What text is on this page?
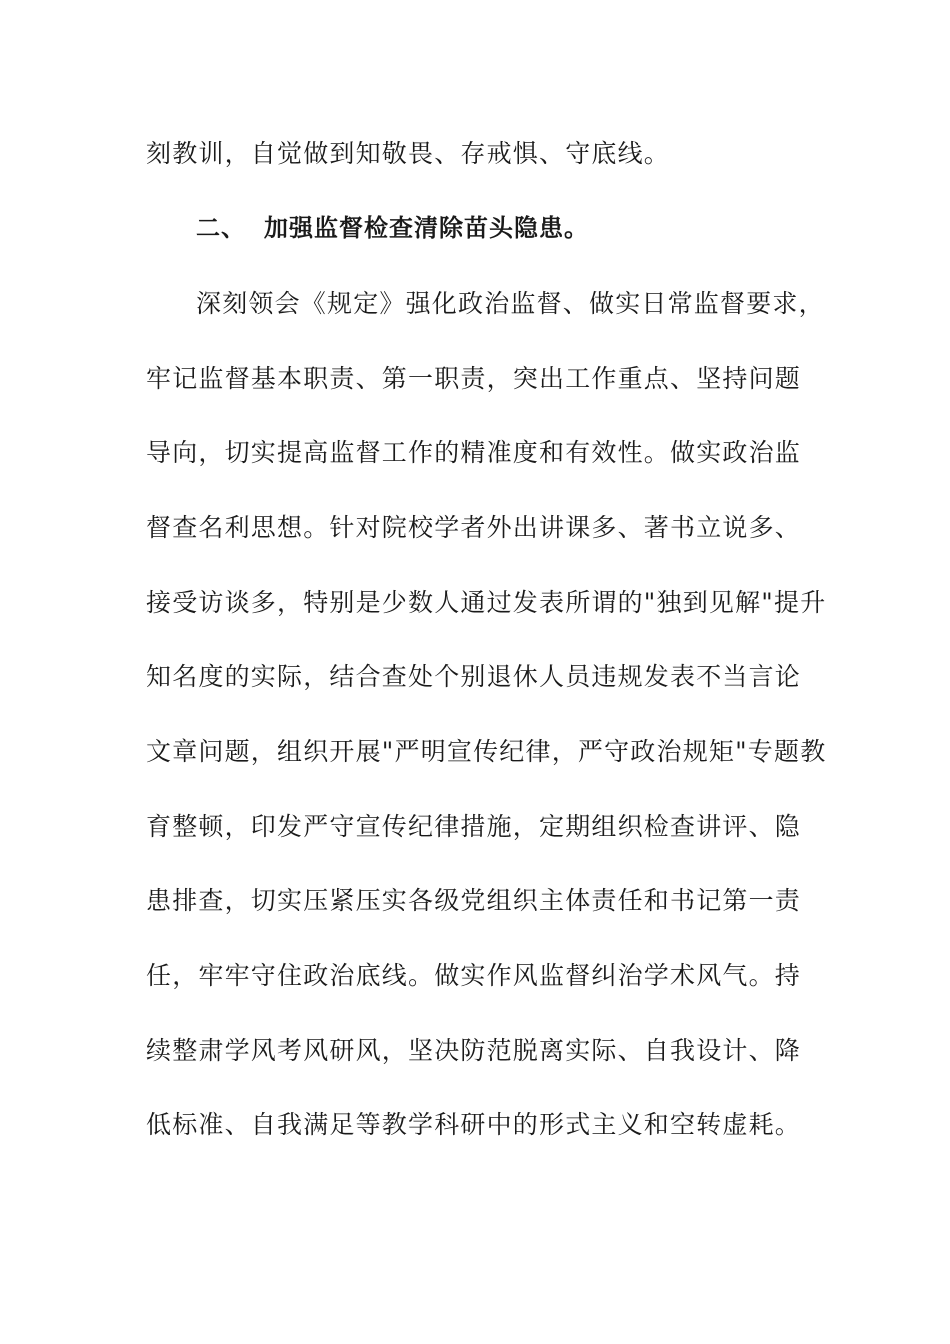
刻教训，自觉做到知敬畏、存戒惧、守底线。
二、 加强监督检查清除苗头隐患。
深刻领会《规定》强化政治监督、做实日常监督要求，
牢记监督基本职责、第一职责，突出工作重点、坚持问题
导向，切实提高监督工作的精准度和有效性。做实政治监
督查名利思想。针对院校学者外出讲课多、著书立说多、
接受访谈多，特别是少数人通过发表所谓的"独到见解"提升
知名度的实际，结合查处个别退休人员违规发表不当言论
文章问题，组织开展"严明宣传纪律，严守政治规矩"专题教
育整顿，印发严守宣传纪律措施，定期组织检查讲评、隐
患排查，切实压紧压实各级党组织主体责任和书记第一责
任，牢牢守住政治底线。做实作风监督纠治学术风气。持
续整肃学风考风研风，坚决防范脱离实际、自我设计、降
低标准、自我满足等教学科研中的形式主义和空转虚耗。
